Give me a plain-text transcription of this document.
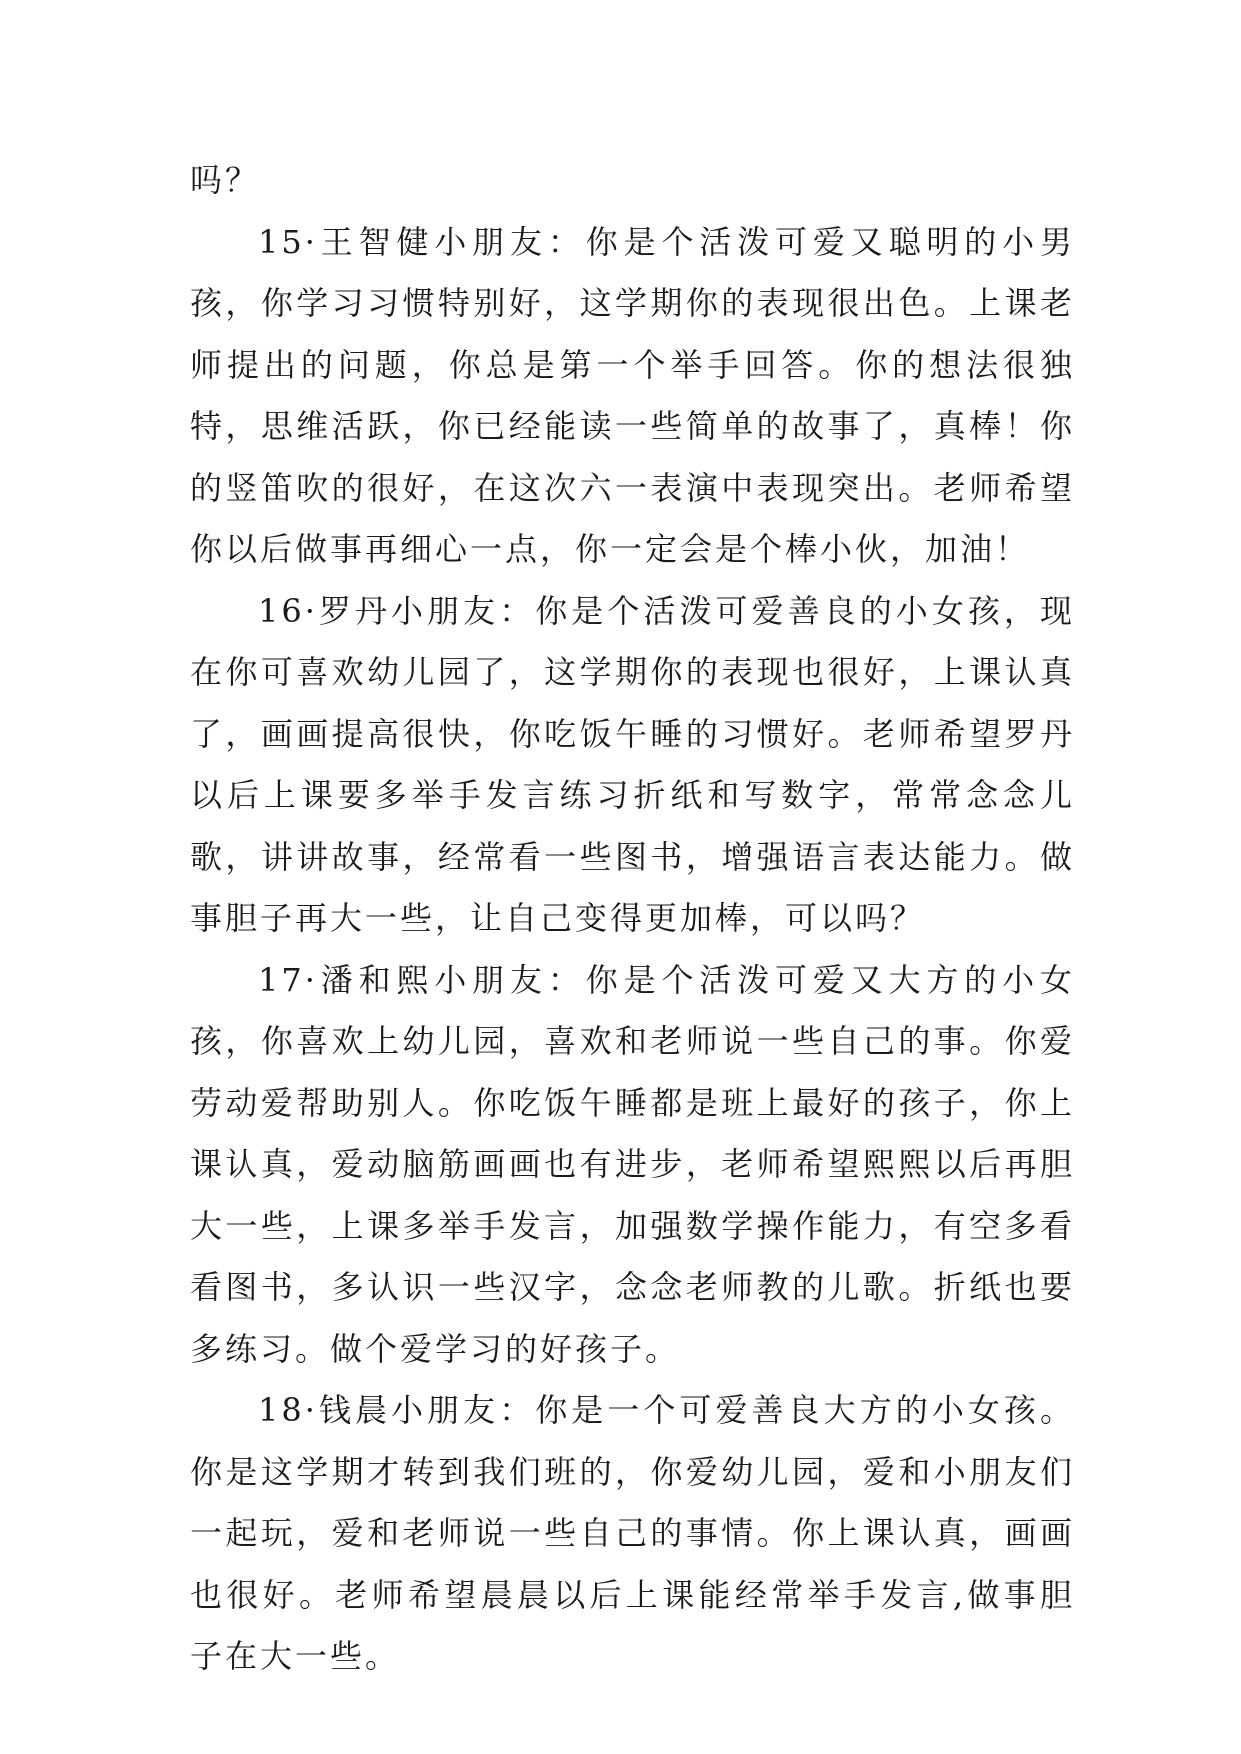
吗？

15·王智健小朋友：你是个活泼可爱又聪明的小男孩，你学习习惯特别好，这学期你的表现很出色。上课老师提出的问题，你总是第一个举手回答。你的想法很独特，思维活跃，你已经能读一些简单的故事了，真棒！你的竖笛吹的很好，在这次六一表演中表现突出。老师希望你以后做事再细心一点，你一定会是个棒小伙，加油！

16·罗丹小朋友：你是个活泼可爱善良的小女孩，现在你可喜欢幼儿园了，这学期你的表现也很好，上课认真了，画画提高很快，你吃饭午睡的习惯好。老师希望罗丹以后上课要多举手发言练习折纸和写数字，常常念念儿歌，讲讲故事，经常看一些图书，增强语言表达能力。做事胆子再大一些，让自己变得更加棒，可以吗？

17·潘和熙小朋友：你是个活泼可爱又大方的小女孩，你喜欢上幼儿园，喜欢和老师说一些自己的事。你爱劳动爱帮助别人。你吃饭午睡都是班上最好的孩子，你上课认真，爱动脑筋画画也有进步，老师希望熙熙以后再胆大一些，上课多举手发言，加强数学操作能力，有空多看看图书，多认识一些汉字，念念老师教的儿歌。折纸也要多练习。做个爱学习的好孩子。

18·钱晨小朋友：你是一个可爱善良大方的小女孩。你是这学期才转到我们班的，你爱幼儿园，爱和小朋友们一起玩，爱和老师说一些自己的事情。你上课认真，画画也很好。老师希望晨晨以后上课能经常举手发言,做事胆子在大一些。
